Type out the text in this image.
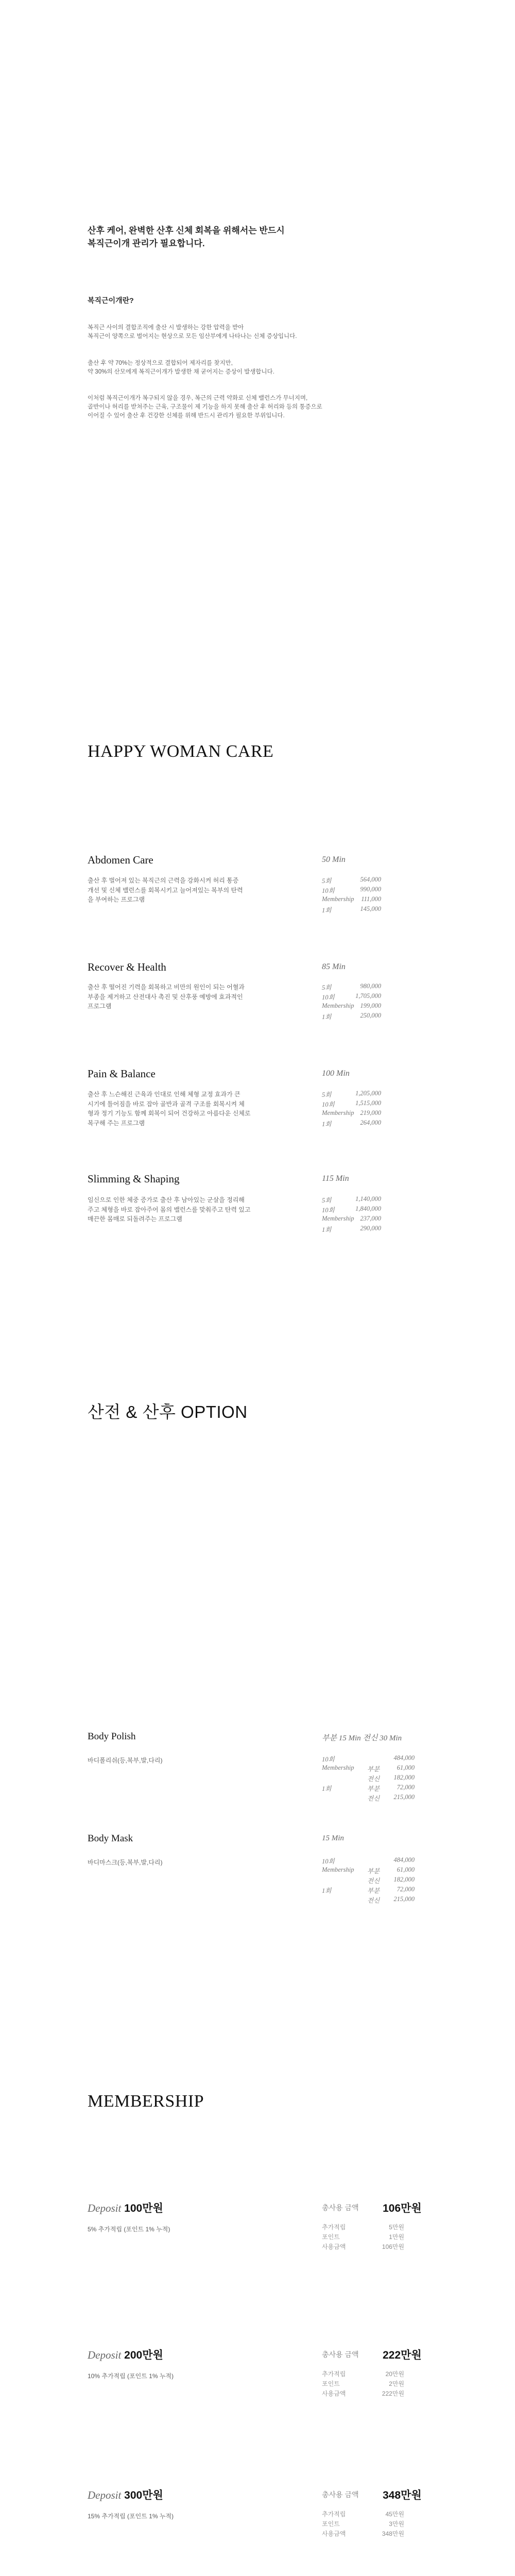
산후 케어, 완벽한 산후 신체 회복을 위해서는 반드시
복직근이개 관리가 필요합니다.
복직근이개란?
복직근 사이의 결합조직에 출산 시 발생하는 강한 압력을 받아
복직근이 양쪽으로 벌어지는 현상으로 모든 임산부에게 나타나는 신체 증상입니다.
출산 후 약 70%는 정상적으로 결합되어 제자리를 찾지만,
약 30%의 산모에게 복직근이개가 발생한 채 굳어지는 증상이 발생합니다.
이처럼 복직근이개가 복구되지 않을 경우, 복근의 근력 약화로 신체 밸런스가 무너지며,
골반이나 허리를 받쳐주는 근육, 구조물이 제 기능을 하지 못해 출산 후 허리와 등의 통증으로
이어질 수 있어 출산 후 건강한 신체를 위해 반드시 관리가 필요한 부위입니다.
HAPPY WOMAN CARE
Abdomen Care	50 Min
출산 후 벌어져 있는 복직근의 근력을 강화시켜 허리 통증
개선 및 신체 밸런스를 회복시키고 늘어져있는 복부의 탄력
을 부여하는 프로그램
5회	564,000
10회	990,000
Membership 111,000
1회	145,000
Recover & Health	85 Min
출산 후 떨어진 기력을 회복하고 비만의 원인이 되는 어혈과
부종을 제거하고 산전대사 촉진 및 산후풍 예방에 효과적인
프로그램
5회	980,000
10회	1,705,000
Membership 199,000
1회	250,000
Pain & Balance	100 Min
출산 후 느슨해진 근육과 인대로 인해 체형 교정 효과가 큰
시기에 틀어짐을 바로 잡아 골반과 골격 구조를 회복시켜 체
형과 정기 기능도 함께 회복이 되어 건강하고 아름다운 신체로
복구해 주는 프로그램
5회	1,205,000
10회	1,515,000
Membership 219,000
1회	264,000
Slimming & Shaping	115 Min
임신으로 인한 체중 증가로 출산 후 남아있는 군살을 정리해
주고 체형을 바로 잡아주어 몸의 밸런스를 맞춰주고 탄력 있고
매끈한 몸매로 되돌려주는 프로그램
5회	1,140,000
10회	1,840,000
Membership 237,000
1회	290,000
산전 & 산후 OPTION
Body Polish	부분 15 Min 전신 30 Min
바디폴리쉬(등,복부,발,다리)	10회	484,000
Membership 부분	61,000
전신 182,000
1회	부분	72,000
전신 215,000
Body Mask	15 Min
바디마스크(등,복부,발,다리)	10회	484,000
Membership 부분	61,000
전신 182,000
1회	부분	72,000
전신 215,000
MEMBERSHIP
Deposit 100만원
5% 추가적립 (포인트 1% 누적)
총사용 금액 106만원
추가적립	5만원
포인트	1만원
사용금액	106만원
Deposit 200만원
10% 추가적립 (포인트 1% 누적)
총사용 금액 222만원
추가적립	20만원
포인트	2만원
사용금액	222만원
Deposit 300만원
15% 추가적립 (포인트 1% 누적)
총사용 금액 348만원
추가적립	45만원
포인트	3만원
사용금액	348만원
